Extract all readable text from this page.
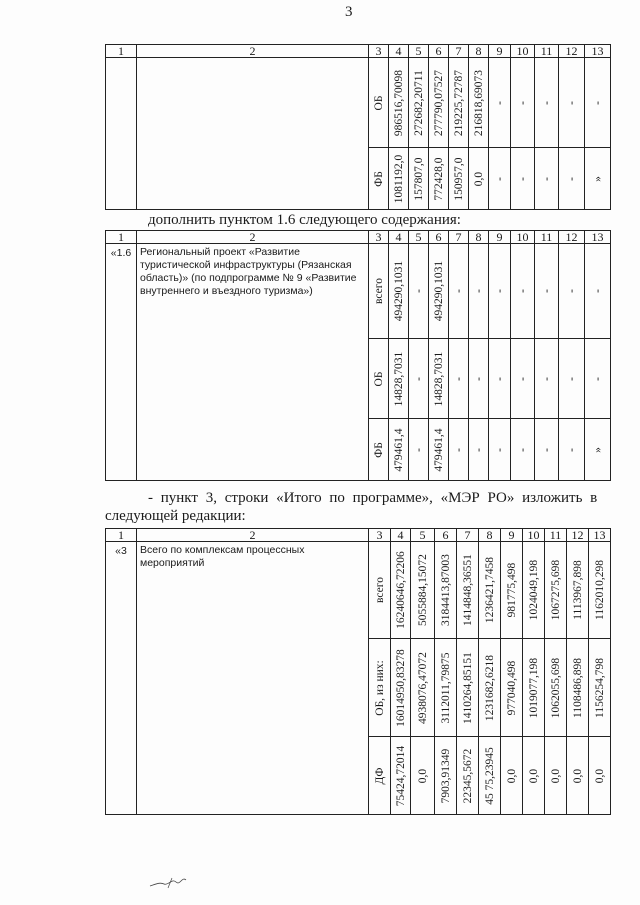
3
1	2	3	4	5	6	7	8	9	10	11	12	13

		ОБ	986516,70098	272682,20711	277790,07527	219225,72787	216818,69073	-	-	-	-	-

		ФБ	1081192,0	157807,0	772428,0	150957,0	0,0	-	-	-	-	»
дополнить пунктом 1.6 следующего содержания:
1	2	3	4	5	6	7	8	9	10	11	12	13
«1.6	Региональный проект «Развитие туристической инфраструктуры (Рязанская область)» (по подпрограмме № 9 «Развитие внутреннего и въездного туризма»)	всего	494290,1031	-	494290,1031	-	-	-	-	-	-	-

		ОБ	14828,7031	-	14828,7031	-	-	-	-	-	-	-

		ФБ	479461,4	-	479461,4	-	-	-	-	-	-	»
- пункт 3, строки «Итого по программе», «МЭР РО» изложить в
следующей редакции:
1	2	3	4	5	6	7	8	9	10	11	12	13
«3	Всего по комплексам процессных мероприятий	всего	16240646,72206	5055884,15072	3184413,87003	1414848,36551	1236421,7458	981775,498	1024049,198	1067275,698	1113967,898	1162010,298

		ОБ, из них:	16014950,83278	4938076,47072	3112011,79875	1410264,85151	1231682,6218	977040,498	1019077,198	1062055,698	1108486,898	1156254,798

		ДФ	75424,72014	0,0	7903,91349	22345,5672	45 75,23945	0,0	0,0	0,0	0,0	0,0
